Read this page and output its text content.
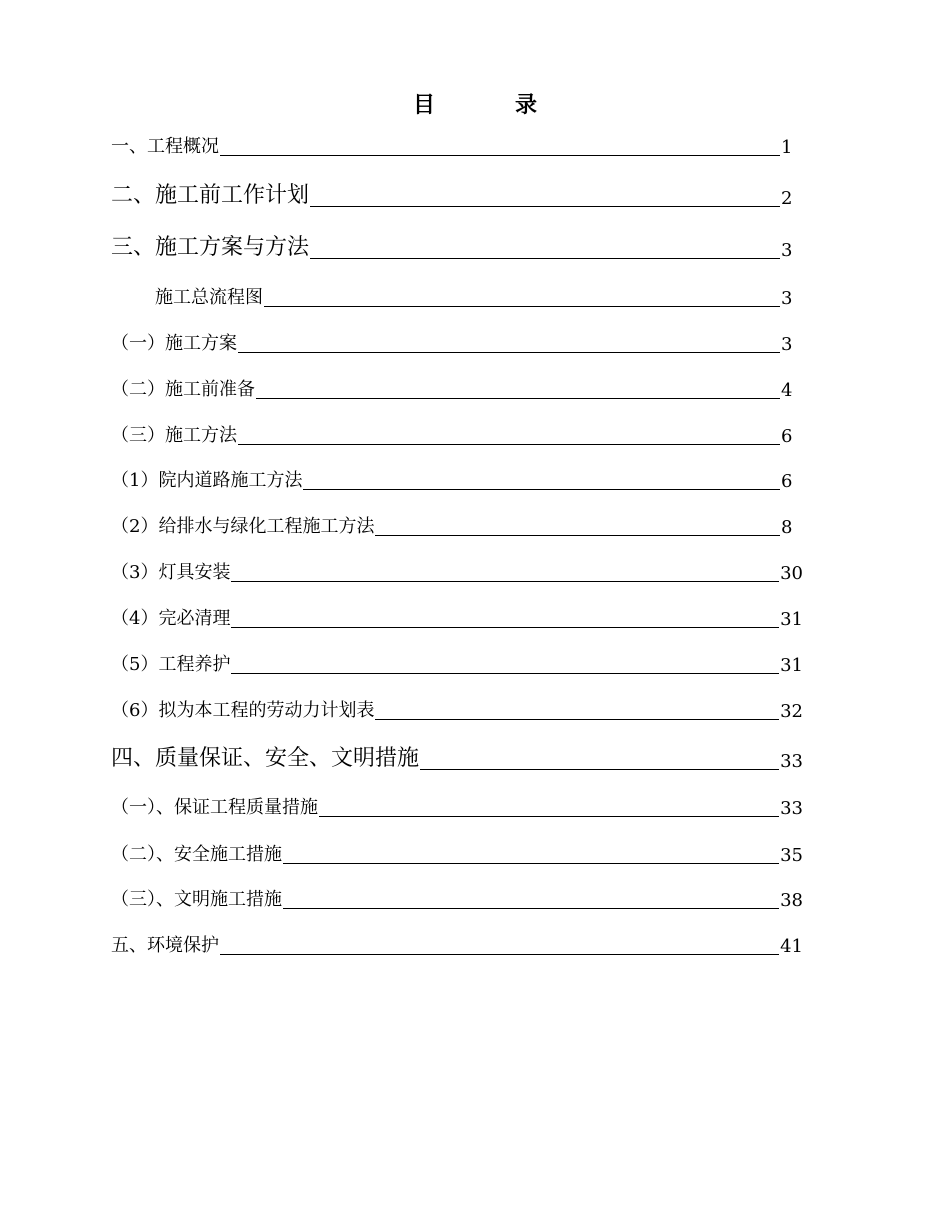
目	录
一、工程概况	1
二、施工前工作计划	2
三、施工方案与方法	3
施工总流程图	3
（一）施工方案	3
（二）施工前准备	4
（三）施工方法	6
（1）院内道路施工方法	6
（2）给排水与绿化工程施工方法	8
（3）灯具安装	30
（4）完必清理	31
（5）工程养护	31
（6）拟为本工程的劳动力计划表	32
四、质量保证、安全、文明措施	33
（一）、保证工程质量措施	33
（二）、安全施工措施	35
（三）、文明施工措施	38
五、环境保护	41
